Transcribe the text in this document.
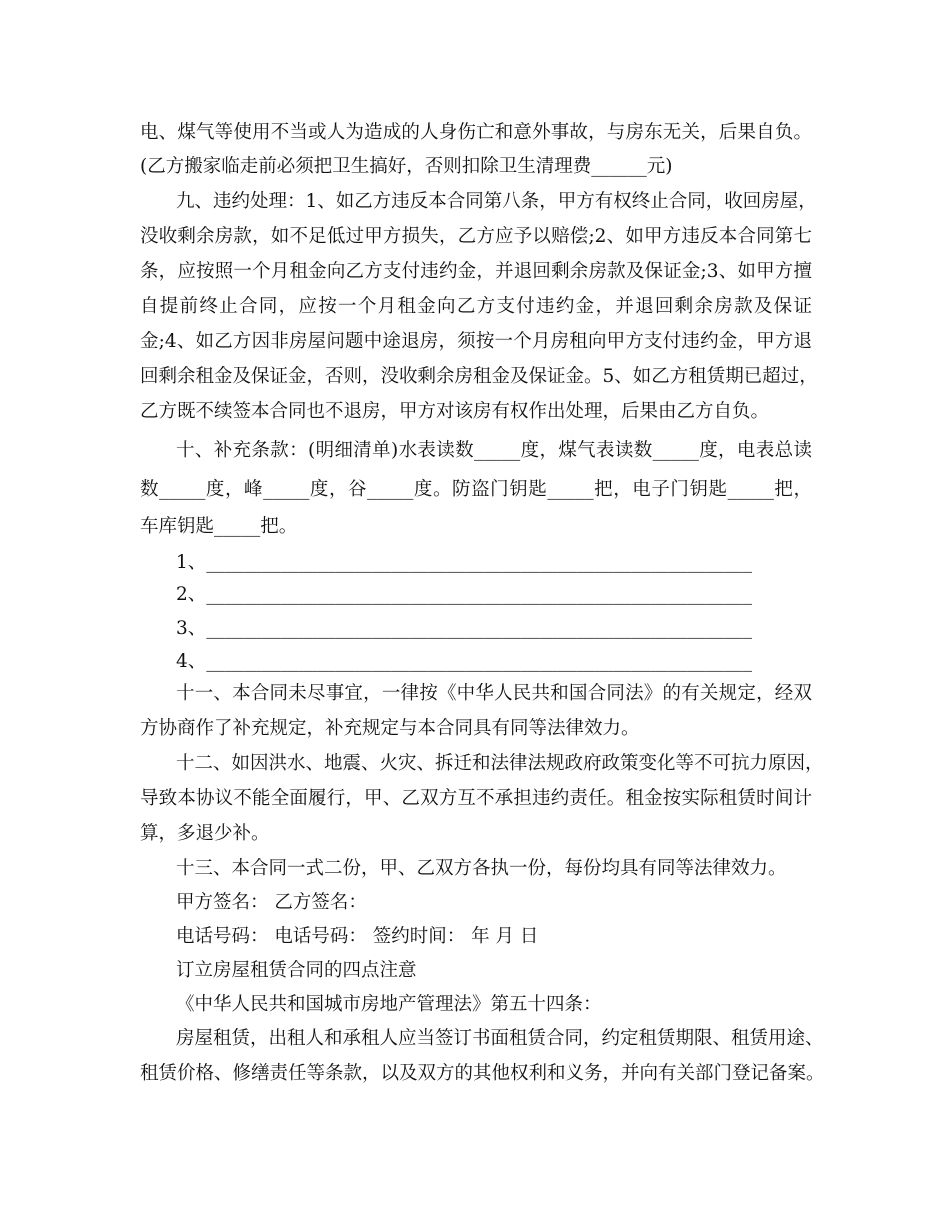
电、煤气等使用不当或人为造成的人身伤亡和意外事故，与房东无关，后果自负。
(乙方搬家临走前必须把卫生搞好，否则扣除卫生清理费______元)
九、违约处理：1、如乙方违反本合同第八条，甲方有权终止合同，收回房屋，
没收剩余房款，如不足低过甲方损失，乙方应予以赔偿;2、如甲方违反本合同第七
条，应按照一个月租金向乙方支付违约金，并退回剩余房款及保证金;3、如甲方擅
自提前终止合同，应按一个月租金向乙方支付违约金，并退回剩余房款及保证
金;4、如乙方因非房屋问题中途退房，须按一个月房租向甲方支付违约金，甲方退
回剩余租金及保证金，否则，没收剩余房租金及保证金。5、如乙方租赁期已超过，
乙方既不续签本合同也不退房，甲方对该房有权作出处理，后果由乙方自负。
十、补充条款：(明细清单)水表读数_____度，煤气表读数_____度，电表总读
数_____度，峰_____度，谷_____度。防盗门钥匙_____把，电子门钥匙_____把，
车库钥匙_____把。
1、___________________________________________________________
2、___________________________________________________________
3、___________________________________________________________
4、___________________________________________________________
十一、本合同未尽事宜，一律按《中华人民共和国合同法》的有关规定，经双
方协商作了补充规定，补充规定与本合同具有同等法律效力。
十二、如因洪水、地震、火灾、拆迁和法律法规政府政策变化等不可抗力原因，
导致本协议不能全面履行，甲、乙双方互不承担违约责任。租金按实际租赁时间计
算，多退少补。
十三、本合同一式二份，甲、乙双方各执一份，每份均具有同等法律效力。
甲方签名： 乙方签名：
电话号码： 电话号码： 签约时间： 年 月 日
订立房屋租赁合同的四点注意
《中华人民共和国城市房地产管理法》第五十四条：
房屋租赁，出租人和承租人应当签订书面租赁合同，约定租赁期限、租赁用途、
租赁价格、修缮责任等条款，以及双方的其他权利和义务，并向有关部门登记备案。
